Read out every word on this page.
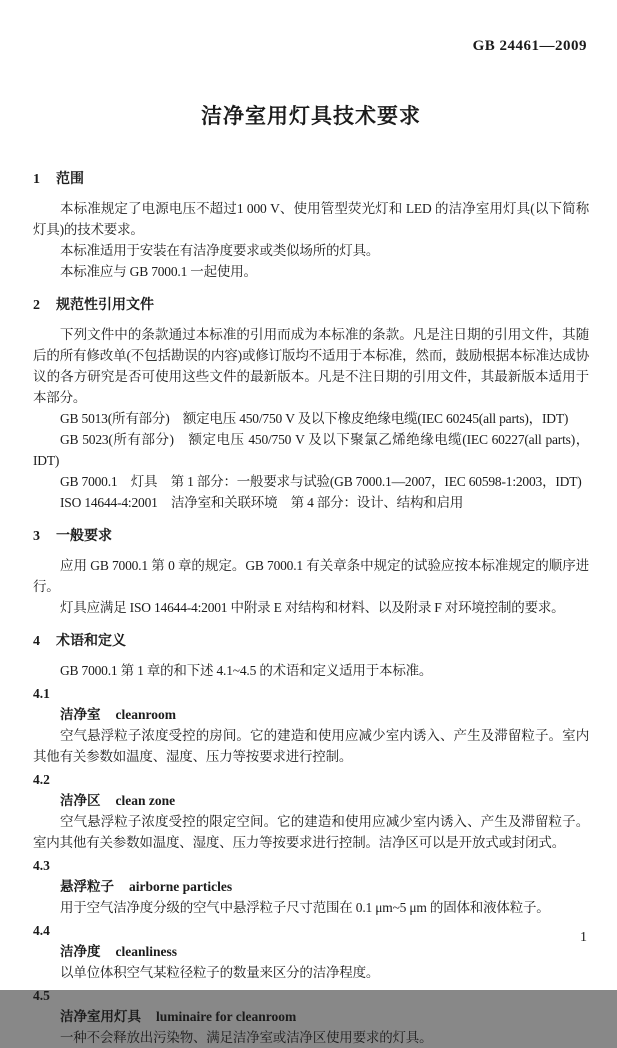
GB 24461—2009
洁净室用灯具技术要求
1 范围

本标准规定了电源电压不超过1 000 V、使用管型荧光灯和 LED 的洁净室用灯具(以下简称灯具)的技术要求。

本标准适用于安装在有洁净度要求或类似场所的灯具。

本标准应与 GB 7000.1 一起使用。

2 规范性引用文件

下列文件中的条款通过本标准的引用而成为本标准的条款。凡是注日期的引用文件，其随后的所有修改单(不包括勘误的内容)或修订版均不适用于本标准，然而，鼓励根据本标准达成协议的各方研究是否可使用这些文件的最新版本。凡是不注日期的引用文件，其最新版本适用于本部分。

GB 5013(所有部分)　额定电压 450/750 V 及以下橡皮绝缘电缆(IEC 60245(all parts)，IDT)

GB 5023(所有部分)　额定电压 450/750 V 及以下聚氯乙烯绝缘电缆(IEC 60227(all parts)，IDT)

GB 7000.1　灯具　第 1 部分：一般要求与试验(GB 7000.1—2007，IEC 60598-1:2003，IDT)

ISO 14644-4:2001　洁净室和关联环境　第 4 部分：设计、结构和启用

3 一般要求

应用 GB 7000.1 第 0 章的规定。GB 7000.1 有关章条中规定的试验应按本标准规定的顺序进行。

灯具应满足 ISO 14644-4:2001 中附录 E 对结构和材料、以及附录 F 对环境控制的要求。

4 术语和定义

GB 7000.1 第 1 章的和下述 4.1~4.5 的术语和定义适用于本标准。

4.1
洁净室 cleanroom

空气悬浮粒子浓度受控的房间。它的建造和使用应减少室内诱入、产生及滞留粒子。室内其他有关参数如温度、湿度、压力等按要求进行控制。

4.2
洁净区 clean zone

空气悬浮粒子浓度受控的限定空间。它的建造和使用应减少室内诱入、产生及滞留粒子。室内其他有关参数如温度、湿度、压力等按要求进行控制。洁净区可以是开放式或封闭式。

4.3
悬浮粒子 airborne particles

用于空气洁净度分级的空气中悬浮粒子尺寸范围在 0.1 μm~5 μm 的固体和液体粒子。

4.4
洁净度 cleanliness

以单位体积空气某粒径粒子的数量来区分的洁净程度。

4.5
洁净室用灯具 luminaire for cleanroom

一种不会释放出污染物、满足洁净室或洁净区使用要求的灯具。

1
